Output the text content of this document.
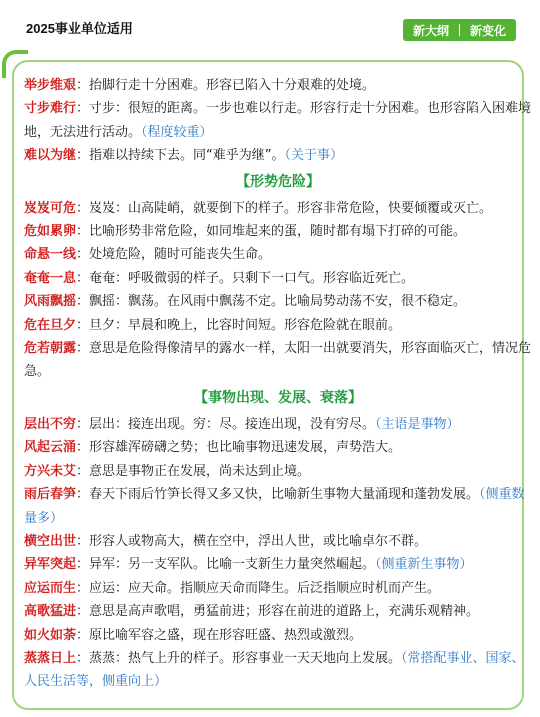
2025事业单位适用	新大纲	新变化
举步维艰：抬脚行走十分困难。形容已陷入十分艰难的处境。
寸步难行：寸步：很短的距离。一步也难以行走。形容行走十分困难。也形容陷入困难境地，无法进行活动。（程度较重）
难以为继：指难以持续下去。同“难乎为继”。（关于事）
【形势危险】
岌岌可危：岌岌：山高陡峭，就要倒下的样子。形容非常危险，快要倾覆或灭亡。
危如累卵：比喻形势非常危险，如同堆起来的蛋，随时都有塌下打碎的可能。
命悬一线：处境危险，随时可能丧失生命。
奄奄一息：奄奄：呼吸微弱的样子。只剩下一口气。形容临近死亡。
风雨飘摇：飘摇：飘荡。在风雨中飘荡不定。比喻局势动荡不安，很不稳定。
危在旦夕：旦夕：早晨和晚上，比容时间短。形容危险就在眼前。
危若朝露：意思是危险得像清早的露水一样，太阳一出就要消失，形容面临灭亡，情况危急。
【事物出现、发展、衰落】
层出不穷：层出：接连出现。穷：尽。接连出现，没有穷尽。（主语是事物）
风起云涌：形容雄浑磅礴之势；也比喻事物迅速发展，声势浩大。
方兴未艾：意思是事物正在发展，尚未达到止境。
雨后春笋：春天下雨后竹笋长得又多又快，比喻新生事物大量涌现和蓬勃发展。（侧重数量多）
横空出世：形容人或物高大，横在空中，浮出人世，或比喻卓尔不群。
异军突起：异军：另一支军队。比喻一支新生力量突然崛起。（侧重新生事物）
应运而生：应运：应天命。指顺应天命而降生。后泛指顺应时机而产生。
高歌猛进：意思是高声歌唱，勇猛前进；形容在前进的道路上，充满乐观精神。
如火如荼：原比喻军容之盛，现在形容旺盛、热烈或激烈。
蒸蒸日上：蒸蒸：热气上升的样子。形容事业一天天地向上发展。（常搭配事业、国家、人民生活等，侧重向上）
